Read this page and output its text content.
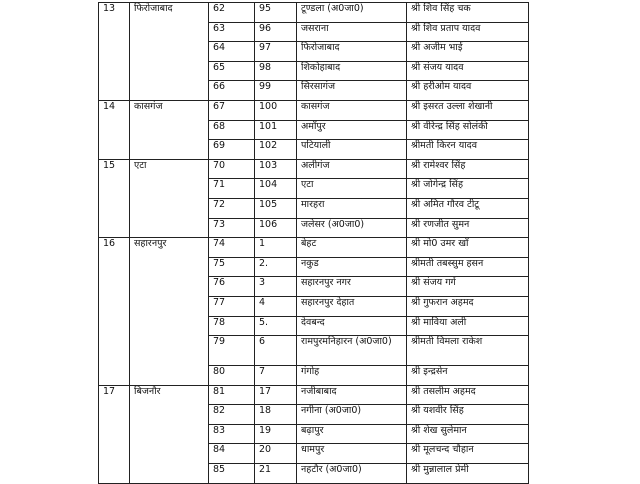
13	फिरोजाबाद	62	95	टूण्डला (अ0जा0)	श्री शिव सिंह चक
		63	96	जसराना	श्री शिव प्रताप यादव
		64	97	फिरोजाबाद	श्री अजीम भाई
		65	98	शिकोहाबाद	श्री संजय यादव
		66	99	सिरसागंज	श्री हरीओम यादव
14	कासगंज	67	100	कासगंज	श्री इसरत उल्ला शेखानी
		68	101	अमॉपुर	श्री वीरेन्द्र सिंह सोलंकी
		69	102	पटियाली	श्रीमती किरन यादव
15	एटा	70	103	अलीगंज	श्री रामेश्वर सिंह
		71	104	एटा	श्री जोगेन्द्र सिंह
		72	105	मारहरा	श्री अमित गौरव टीटू
		73	106	जलेसर (अ0जा0)	श्री रणजीत सुमन
16	सहारनपुर	74	1	बेहट	श्री मो0 उमर खॉं
		75	2.	नकुड	श्रीमती तबस्सुम हसन
		76	3	सहारनपुर नगर	श्री संजय गर्ग
		77	4	सहारनपुर देहात	श्री गुफरान अहमद
		78	5.	देवबन्द	श्री माविया अली
		79	6	रामपुरमनिहारन (अ0जा0)	श्रीमती विमला राकेश
		80	7	गंगोह	श्री इन्द्रसेन
17	बिजनौर	81	17	नजीबाबाद	श्री तसलीम अहमद
		82	18	नगीना (अ0जा0)	श्री यशवीर सिंह
		83	19	बढ़ापुर	श्री शेख सुलेमान
		84	20	धामपुर	श्री मूलचन्द चौहान
		85	21	नहटौर (अ0जा0)	श्री मुन्नालाल प्रेमी
